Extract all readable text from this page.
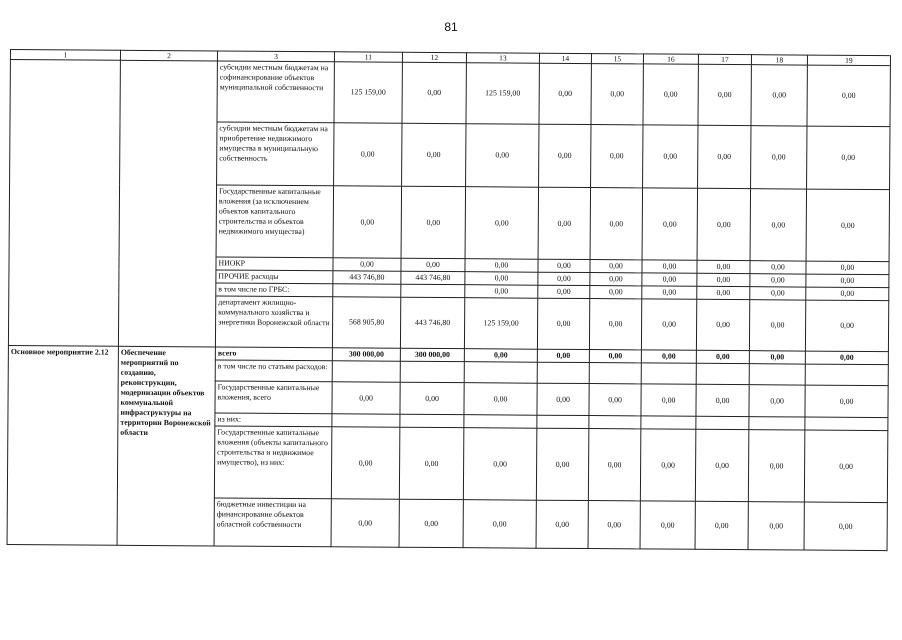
81
1	2	3	11	12	13	14	15	16	17	18	19
		субсидии местным бюджетам на софинансирование объектов муниципальной собственности	125 159,00	0,00	125 159,00	0,00	0,00	0,00	0,00	0,00	0,00
		субсидии местным бюджетам на приобретение недвижимого имущества в муниципальную собственность	0,00	0,00	0,00	0,00	0,00	0,00	0,00	0,00	0,00
		Государственные капитальные вложения (за исключением объектов капитального строительства и объектов недвижимого имущества)	0,00	0,00	0,00	0,00	0,00	0,00	0,00	0,00	0,00
		НИОКР	0,00	0,00	0,00	0,00	0,00	0,00	0,00	0,00	0,00
		ПРОЧИЕ расходы	443 746,80	443 746,80	0,00	0,00	0,00	0,00	0,00	0,00	0,00
		в том числе по ГРБС:			0,00	0,00	0,00	0,00	0,00	0,00	0,00
		департамент жилищно-коммунального хозяйства и энергетики Воронежской области	568 905,80	443 746,80	125 159,00	0,00	0,00	0,00	0,00	0,00	0,00
Основное мероприятие 2.12	Обеспечение мероприятий по созданию, реконструкции, модернизации объектов коммунальной инфраструктуры на территории Воронежской области	всего	300 000,00	300 000,00	0,00	0,00	0,00	0,00	0,00	0,00	0,00
		в том числе по статьям расходов:									
		Государственные капитальные вложения, всего	0,00	0,00	0,00	0,00	0,00	0,00	0,00	0,00	0,00
		из них:									
		Государственные капитальные вложения (объекты капитального строительства и недвижимое имущество), из них:	0,00	0,00	0,00	0,00	0,00	0,00	0,00	0,00	0,00
		бюджетные инвестиции на финансирование объектов областной собственности	0,00	0,00	0,00	0,00	0,00	0,00	0,00	0,00	0,00
